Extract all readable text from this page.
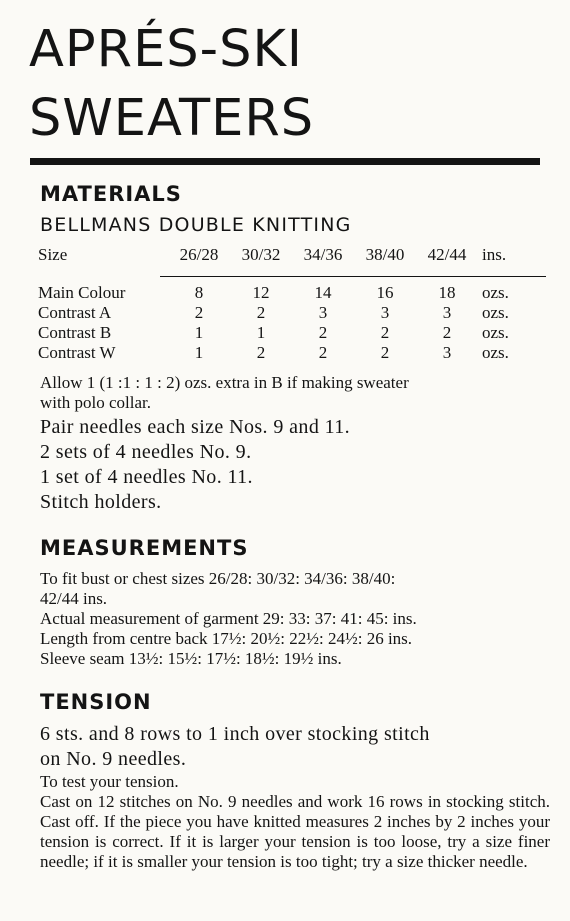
APRÉS-SKI
SWEATERS
MATERIALS
BELLMANS DOUBLE KNITTING
Size	26/28	30/32	34/36	38/40	42/44	ins.

Main Colour	8	12	14	16	18	ozs.
Contrast A	2	2	3	3	3	ozs.
Contrast B	1	1	2	2	2	ozs.
Contrast W	1	2	2	2	3	ozs.
Allow 1 (1 :1 : 1 : 2) ozs. extra in B if making sweater
with polo collar.
Pair needles each size Nos. 9 and 11.
2 sets of 4 needles No. 9.
1 set of 4 needles No. 11.
Stitch holders.
MEASUREMENTS
To fit bust or chest sizes 26/28: 30/32: 34/36: 38/40:
42/44 ins.
Actual measurement of garment 29: 33: 37: 41: 45: ins.
Length from centre back 17½: 20½: 22½: 24½: 26 ins.
Sleeve seam 13½: 15½: 17½: 18½: 19½ ins.
TENSION
6 sts. and 8 rows to 1 inch over stocking stitch
on No. 9 needles.
To test your tension.

Cast on 12 stitches on No. 9 needles and work 16 rows in stocking stitch. Cast off. If the piece you have knitted measures 2 inches by 2 inches your tension is correct. If it is larger your tension is too loose, try a size finer needle; if it is smaller your tension is too tight; try a size thicker needle.
